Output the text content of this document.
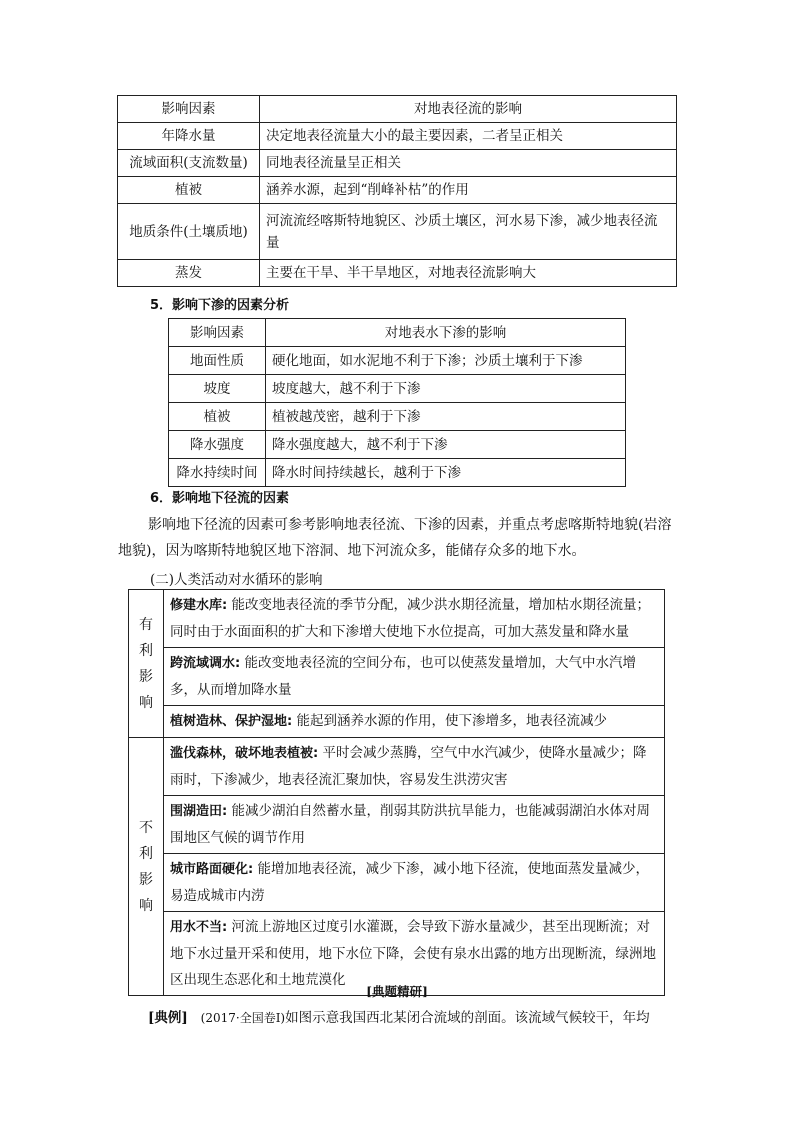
影响因素	对地表径流的影响
年降水量	决定地表径流量大小的最主要因素，二者呈正相关
流域面积(支流数量)	同地表径流量呈正相关
植被	涵养水源，起到“削峰补枯”的作用
地质条件(土壤质地)	河流流经喀斯特地貌区、沙质土壤区，河水易下渗，减少地表径流量
蒸发	主要在干旱、半干旱地区，对地表径流影响大
5．影响下渗的因素分析
影响因素	对地表水下渗的影响
地面性质	硬化地面，如水泥地不利于下渗；沙质土壤利于下渗
坡度	坡度越大，越不利于下渗
植被	植被越茂密，越利于下渗
降水强度	降水强度越大，越不利于下渗
降水持续时间	降水时间持续越长，越利于下渗
6．影响地下径流的因素

影响地下径流的因素可参考影响地表径流、下渗的因素，并重点考虑喀斯特地貌(岩溶地貌)，因为喀斯特地貌区地下溶洞、地下河流众多，能储存众多的地下水。

(二)人类活动对水循环的影响
有
利
影
响	修建水库: 能改变地表径流的季节分配，减少洪水期径流量，增加枯水期径流量；同时由于水面面积的扩大和下渗增大使地下水位提高，可加大蒸发量和降水量
	跨流域调水: 能改变地表径流的空间分布，也可以使蒸发量增加，大气中水汽增多，从而增加降水量
	植树造林、保护湿地: 能起到涵养水源的作用，使下渗增多，地表径流减少

不
利
影
响	滥伐森林，破坏地表植被: 平时会减少蒸腾，空气中水汽减少，使降水量减少；降雨时，下渗减少，地表径流汇聚加快，容易发生洪涝灾害
	围湖造田: 能减少湖泊自然蓄水量，削弱其防洪抗旱能力，也能减弱湖泊水体对周围地区气候的调节作用
	城市路面硬化: 能增加地表径流，减少下渗，减小地下径流，使地面蒸发量减少，易造成城市内涝
	用水不当: 河流上游地区过度引水灌溉，会导致下游水量减少，甚至出现断流；对地下水过量开采和使用，地下水位下降，会使有泉水出露的地方出现断流，绿洲地区出现生态恶化和土地荒漠化
[典题精研]
[典例] (2017·全国卷Ⅰ)如图示意我国西北某闭合流域的剖面。该流域气候较干，年均
